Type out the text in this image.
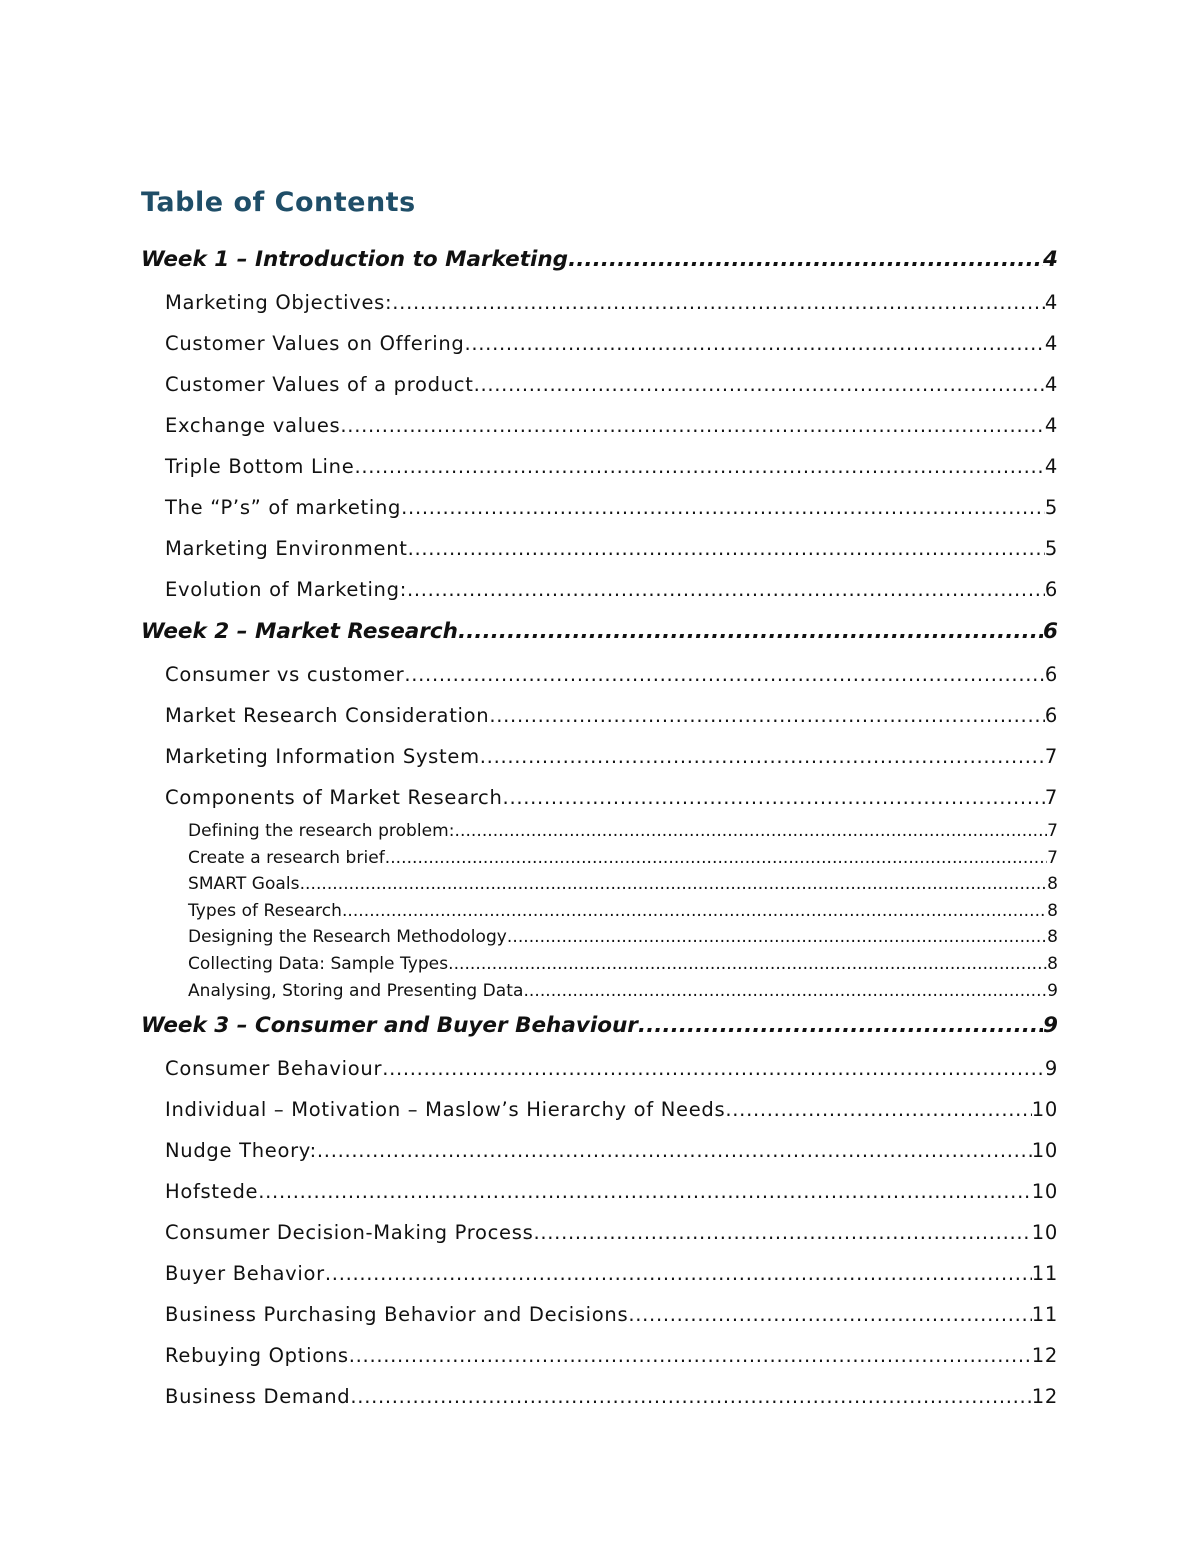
Table of Contents
Week 1 – Introduction to Marketing .....	4
Marketing Objectives: .....	4
Customer Values on Offering .....	4
Customer Values of a product .....	4
Exchange values .....	4
Triple Bottom Line .....	4
The “P’s” of marketing .....	5
Marketing Environment .....	5
Evolution of Marketing: .....	6
Week 2 – Market Research .....	6
Consumer vs customer .....	6
Market Research Consideration .....	6
Marketing Information System .....	7
Components of Market Research .....	7
Defining the research problem: .....	7
Create a research brief .....	7
SMART Goals .....	8
Types of Research .....	8
Designing the Research Methodology .....	8
Collecting Data: Sample Types .....	8
Analysing, Storing and Presenting Data .....	9
Week 3 – Consumer and Buyer Behaviour .....	9
Consumer Behaviour .....	9
Individual – Motivation – Maslow’s Hierarchy of Needs .....	10
Nudge Theory: .....	10
Hofstede .....	10
Consumer Decision-Making Process .....	10
Buyer Behavior .....	11
Business Purchasing Behavior and Decisions .....	11
Rebuying Options .....	12
Business Demand .....	12
